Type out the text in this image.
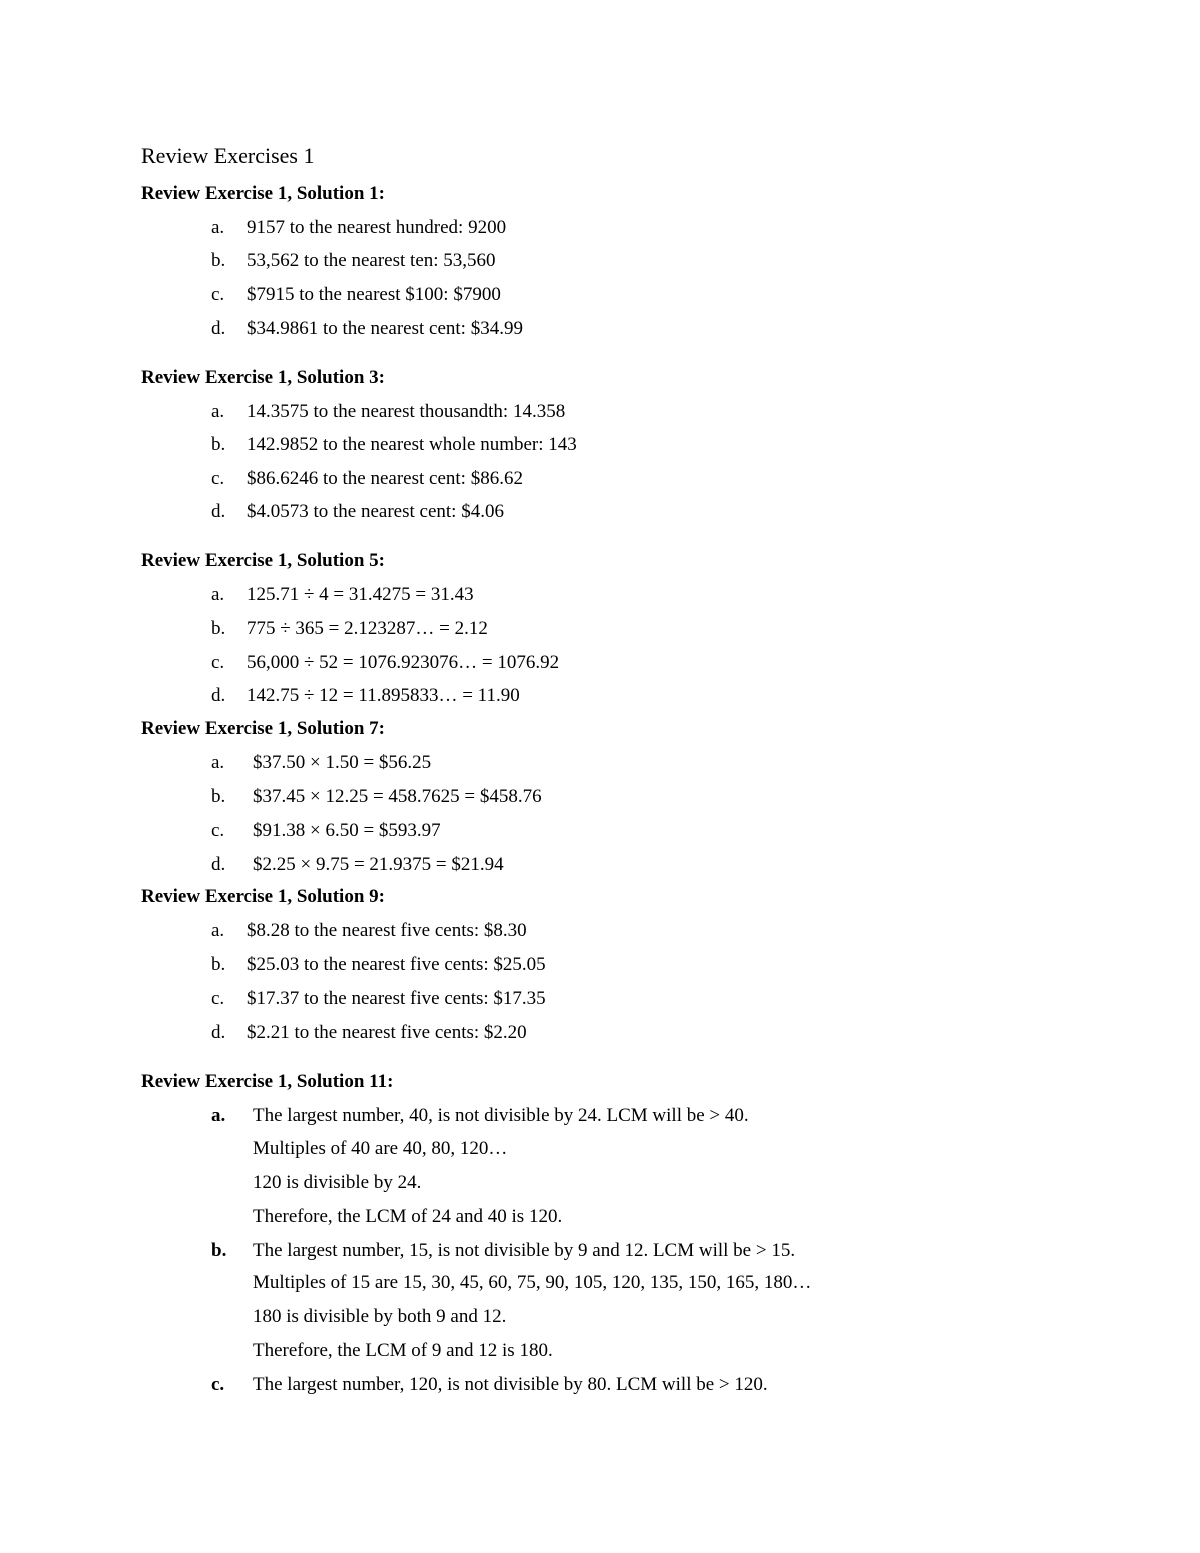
Review Exercises 1
Review Exercise 1, Solution 1:
a. 9157 to the nearest hundred: 9200
b. 53,562 to the nearest ten: 53,560
c. $7915 to the nearest $100: $7900
d. $34.9861 to the nearest cent: $34.99
Review Exercise 1, Solution 3:
a. 14.3575 to the nearest thousandth: 14.358
b. 142.9852 to the nearest whole number: 143
c. $86.6246 to the nearest cent: $86.62
d. $4.0573 to the nearest cent: $4.06
Review Exercise 1, Solution 5:
a. 125.71 ÷ 4 = 31.4275 = 31.43
b. 775 ÷ 365 = 2.123287… = 2.12
c. 56,000 ÷ 52 = 1076.923076… = 1076.92
d. 142.75 ÷ 12 = 11.895833… = 11.90
Review Exercise 1, Solution 7:
a. $37.50 × 1.50 = $56.25
b. $37.45 × 12.25 = 458.7625 = $458.76
c. $91.38 × 6.50 = $593.97
d. $2.25 × 9.75 = 21.9375 = $21.94
Review Exercise 1, Solution 9:
a. $8.28 to the nearest five cents: $8.30
b. $25.03 to the nearest five cents: $25.05
c. $17.37 to the nearest five cents: $17.35
d. $2.21 to the nearest five cents: $2.20
Review Exercise 1, Solution 11:
a. The largest number, 40, is not divisible by 24. LCM will be > 40.
Multiples of 40 are 40, 80, 120…
120 is divisible by 24.
Therefore, the LCM of 24 and 40 is 120.
b. The largest number, 15, is not divisible by 9 and 12. LCM will be > 15.
Multiples of 15 are 15, 30, 45, 60, 75, 90, 105, 120, 135, 150, 165, 180…
180 is divisible by both 9 and 12.
Therefore, the LCM of 9 and 12 is 180.
c. The largest number, 120, is not divisible by 80. LCM will be > 120.
